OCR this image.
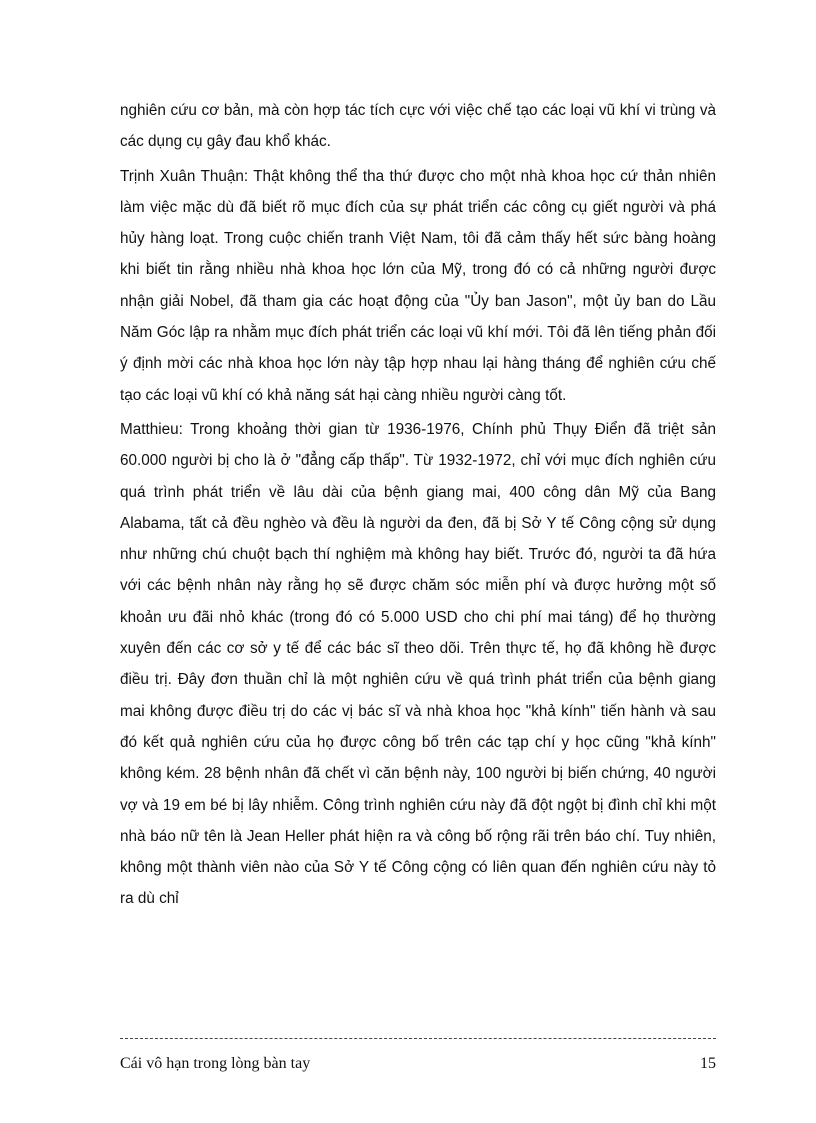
nghiên cứu cơ bản, mà còn hợp tác tích cực với việc chế tạo các loại vũ khí vi trùng và các dụng cụ gây đau khổ khác.

Trịnh Xuân Thuận: Thật không thể tha thứ được cho một nhà khoa học cứ thản nhiên làm việc mặc dù đã biết rõ mục đích của sự phát triển các công cụ giết người và phá hủy hàng loạt. Trong cuộc chiến tranh Việt Nam, tôi đã cảm thấy hết sức bàng hoàng khi biết tin rằng nhiều nhà khoa học lớn của Mỹ, trong đó có cả những người được nhận giải Nobel, đã tham gia các hoạt động của "Ủy ban Jason", một ủy ban do Lầu Năm Góc lập ra nhằm mục đích phát triển các loại vũ khí mới. Tôi đã lên tiếng phản đối ý định mời các nhà khoa học lớn này tập hợp nhau lại hàng tháng để nghiên cứu chế tạo các loại vũ khí có khả năng sát hại càng nhiều người càng tốt.

Matthieu: Trong khoảng thời gian từ 1936-1976, Chính phủ Thụy Điển đã triệt sản 60.000 người bị cho là ở "đẳng cấp thấp". Từ 1932-1972, chỉ với mục đích nghiên cứu quá trình phát triển về lâu dài của bệnh giang mai, 400 công dân Mỹ của Bang Alabama, tất cả đều nghèo và đều là người da đen, đã bị Sở Y tế Công cộng sử dụng như những chú chuột bạch thí nghiệm mà không hay biết. Trước đó, người ta đã hứa với các bệnh nhân này rằng họ sẽ được chăm sóc miễn phí và được hưởng một số khoản ưu đãi nhỏ khác (trong đó có 5.000 USD cho chi phí mai táng) để họ thường xuyên đến các cơ sở y tế để các bác sĩ theo dõi. Trên thực tế, họ đã không hề được điều trị. Đây đơn thuần chỉ là một nghiên cứu về quá trình phát triển của bệnh giang mai không được điều trị do các vị bác sĩ và nhà khoa học "khả kính" tiến hành và sau đó kết quả nghiên cứu của họ được công bố trên các tạp chí y học cũng "khả kính" không kém. 28 bệnh nhân đã chết vì căn bệnh này, 100 người bị biến chứng, 40 người vợ và 19 em bé bị lây nhiễm. Công trình nghiên cứu này đã đột ngột bị đình chỉ khi một nhà báo nữ tên là Jean Heller phát hiện ra và công bố rộng rãi trên báo chí. Tuy nhiên, không một thành viên nào của Sở Y tế Công cộng có liên quan đến nghiên cứu này tỏ ra dù chỉ

Cái vô hạn trong lòng bàn tay	15
